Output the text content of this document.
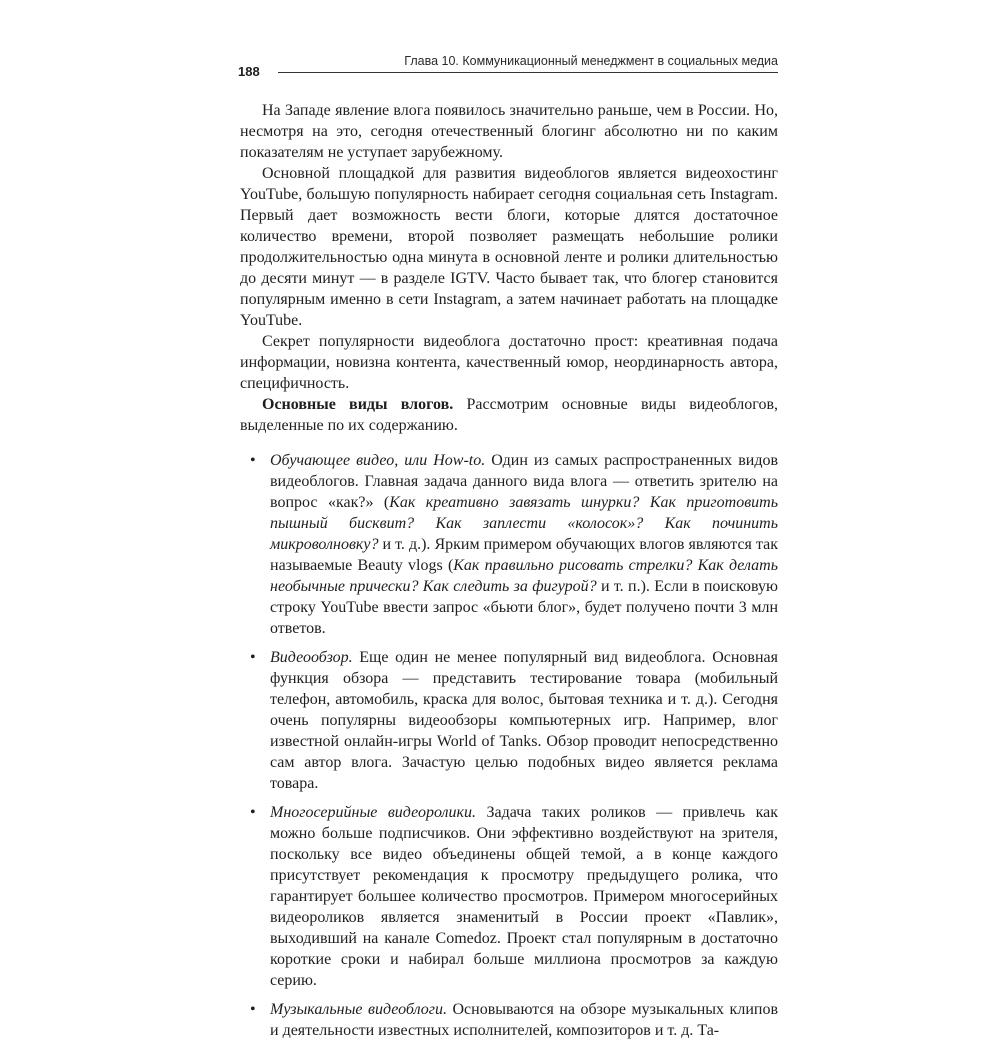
188
Глава 10. Коммуникационный менеджмент в социальных медиа

На Западе явление влога появилось значительно раньше, чем в России. Но, несмотря на это, сегодня отечественный блогинг абсолютно ни по каким показателям не уступает зарубежному.

Основной площадкой для развития видеоблогов является видеохостинг YouTube, большую популярность набирает сегодня социальная сеть Instagram. Первый дает возможность вести блоги, которые длятся достаточное количество времени, второй позволяет размещать небольшие ролики продолжительностью одна минута в основной ленте и ролики длительностью до десяти минут — в разделе IGTV. Часто бывает так, что блогер становится популярным именно в сети Instagram, а затем начинает работать на площадке YouTube.

Секрет популярности видеоблога достаточно прост: креативная подача информации, новизна контента, качественный юмор, неординарность автора, специфичность.

Основные виды влогов. Рассмотрим основные виды видеоблогов, выделенные по их содержанию.

• Обучающее видео, или How-to. Один из самых распространенных видов видеоблогов. Главная задача данного вида влога — ответить зрителю на вопрос «как?» (Как креативно завязать шнурки? Как приготовить пышный бисквит? Как заплести «колосок»? Как починить микроволновку? и т. д.). Ярким примером обучающих влогов являются так называемые Beauty vlogs (Как правильно рисовать стрелки? Как делать необычные прически? Как следить за фигурой? и т. п.). Если в поисковую строку YouTube ввести запрос «бьюти блог», будет получено почти 3 млн ответов.
• Видеообзор. Еще один не менее популярный вид видеоблога. Основная функция обзора — представить тестирование товара (мобильный телефон, автомобиль, краска для волос, бытовая техника и т. д.). Сегодня очень популярны видеообзоры компьютерных игр. Например, влог известной онлайн-игры World of Tanks. Обзор проводит непосредственно сам автор влога. Зачастую целью подобных видео является реклама товара.
• Многосерийные видеоролики. Задача таких роликов — привлечь как можно больше подписчиков. Они эффективно воздействуют на зрителя, поскольку все видео объединены общей темой, а в конце каждого присутствует рекомендация к просмотру предыдущего ролика, что гарантирует большее количество просмотров. Примером многосерийных видеороликов является знаменитый в России проект «Павлик», выходивший на канале Comedoz. Проект стал популярным в достаточно короткие сроки и набирал больше миллиона просмотров за каждую серию.
• Музыкальные видеоблоги. Основываются на обзоре музыкальных клипов и деятельности известных исполнителей, композиторов и т. д. Та-
